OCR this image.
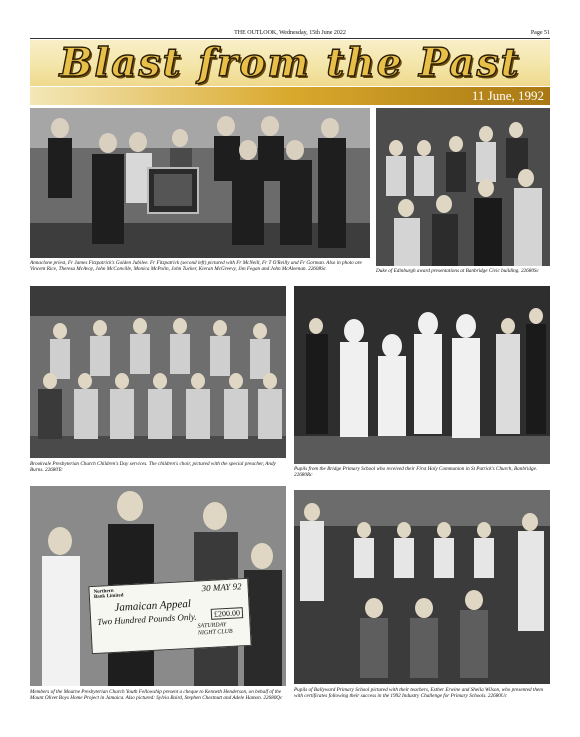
THE OUTLOOK, Wednesday, 15th June 2022	Page 51
Blast from the Past
11 June, 1992
Annaclone priest, Fr James Fitzpatrick's Golden Jubilee. Fr Fitzpatrick (second left) pictured with Fr McNeill, Fr T O'Reilly and Fr Gorman. Also in photo are Vincent Rice, Theresa McAvoy, John McConville, Monica McPolin, John Tucker, Kieran McGreevy, Jim Fegan and John McAleenan. 22608Sc	Duke of Edinburgh award presentations at Banbridge Civic building. 22680Sc
Brookvale Presbyterian Church Children's Day services. The children's choir, pictured with the special preacher, Andy Burns. 22680Tc	Pupils from the Bridge Primary School who received their First Holy Communion in St Patrick's Church, Banbridge. 22680Rc
Northern Bank Limited
30 MAY 92
Jamaican Appeal
Two Hundred Pounds Only.	£200.00
SATURDAY NIGHT CLUB
Members of the Mourne Presbyterian Church Youth Fellowship present a cheque to Kenneth Henderson, on behalf of the Mount Olivet Boys Home Project in Jamaica. Also pictured: Sylvia Baird, Stephen Chestnutt and Adele Hamon. 22680Qc
Pupils of Ballyward Primary School pictured with their teachers, Esther Erwine and Sheila Wilson, who presented them with certificates following their success in the 1992 Industry Challenge for Primary Schools. 22680Uc
